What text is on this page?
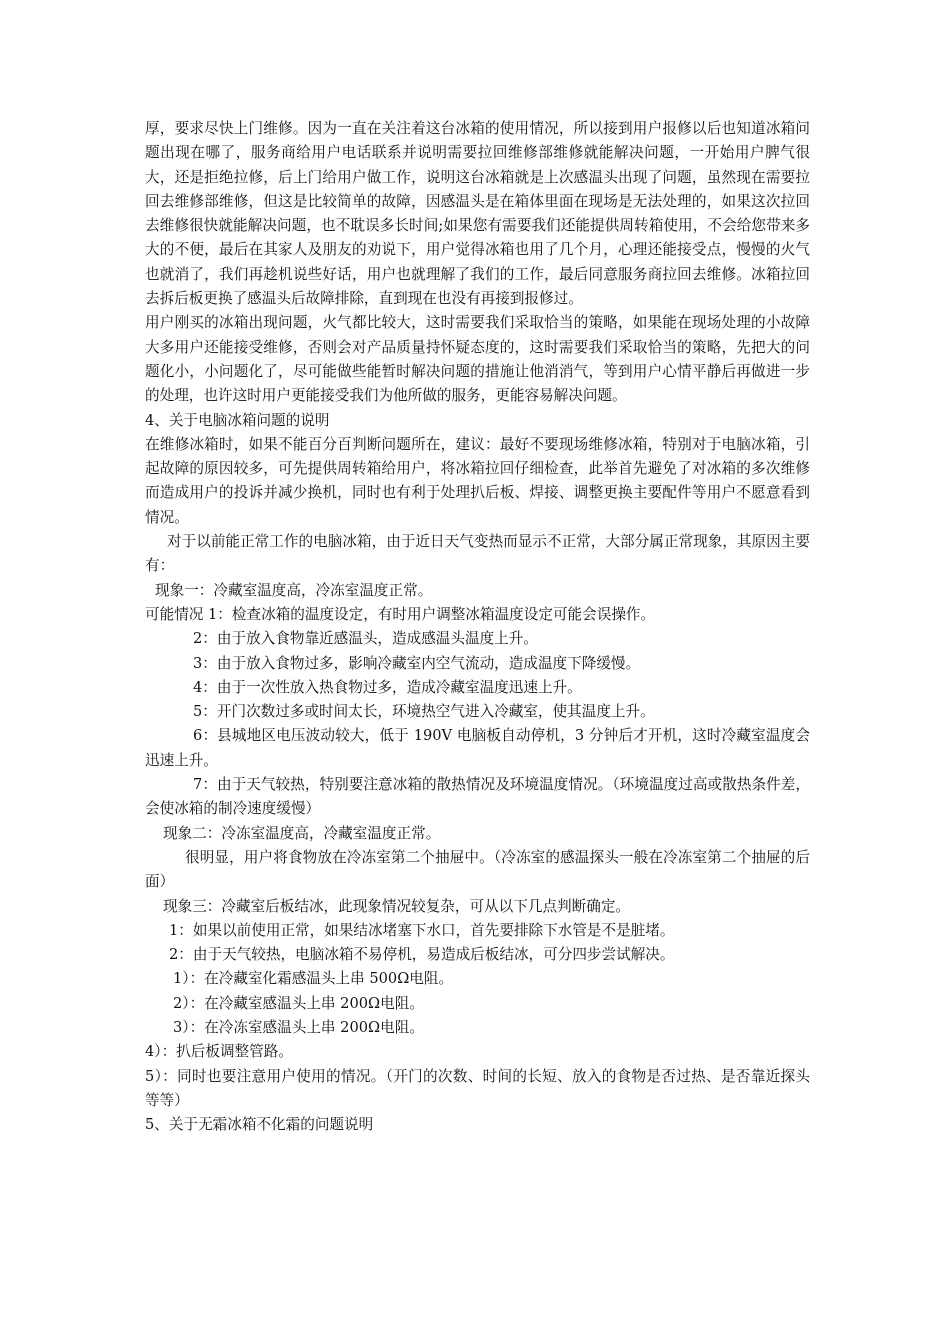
厚，要求尽快上门维修。因为一直在关注着这台冰箱的使用情况，所以接到用户报修以后也知道冰箱问题出现在哪了，服务商给用户电话联系并说明需要拉回维修部维修就能解决问题，一开始用户脾气很大，还是拒绝拉修，后上门给用户做工作，说明这台冰箱就是上次感温头出现了问题，虽然现在需要拉回去维修部维修，但这是比较简单的故障，因感温头是在箱体里面在现场是无法处理的，如果这次拉回去维修很快就能解决问题，也不耽误多长时间;如果您有需要我们还能提供周转箱使用，不会给您带来多大的不便，最后在其家人及朋友的劝说下，用户觉得冰箱也用了几个月，心理还能接受点，慢慢的火气也就消了，我们再趁机说些好话，用户也就理解了我们的工作，最后同意服务商拉回去维修。冰箱拉回去拆后板更换了感温头后故障排除，直到现在也没有再接到报修过。

用户刚买的冰箱出现问题，火气都比较大，这时需要我们采取恰当的策略，如果能在现场处理的小故障大多用户还能接受维修，否则会对产品质量持怀疑态度的，这时需要我们采取恰当的策略，先把大的问题化小，小问题化了，尽可能做些能暂时解决问题的措施让他消消气，等到用户心情平静后再做进一步的处理，也许这时用户更能接受我们为他所做的服务，更能容易解决问题。

4、关于电脑冰箱问题的说明

在维修冰箱时，如果不能百分百判断问题所在，建议：最好不要现场维修冰箱，特别对于电脑冰箱，引起故障的原因较多，可先提供周转箱给用户，将冰箱拉回仔细检查，此举首先避免了对冰箱的多次维修而造成用户的投诉并减少换机，同时也有利于处理扒后板、焊接、调整更换主要配件等用户不愿意看到情况。

对于以前能正常工作的电脑冰箱，由于近日天气变热而显示不正常，大部分属正常现象，其原因主要有：

现象一：冷藏室温度高，冷冻室温度正常。

可能情况 1：检查冰箱的温度设定，有时用户调整冰箱温度设定可能会误操作。

2：由于放入食物靠近感温头，造成感温头温度上升。

3：由于放入食物过多，影响冷藏室内空气流动，造成温度下降缓慢。

4：由于一次性放入热食物过多，造成冷藏室温度迅速上升。

5：开门次数过多或时间太长，环境热空气进入冷藏室，使其温度上升。

6：县城地区电压波动较大，低于 190V 电脑板自动停机，3 分钟后才开机，这时冷藏室温度会迅速上升。

7：由于天气较热，特别要注意冰箱的散热情况及环境温度情况。（环境温度过高或散热条件差，会使冰箱的制冷速度缓慢）

现象二：冷冻室温度高，冷藏室温度正常。

很明显，用户将食物放在冷冻室第二个抽屉中。（冷冻室的感温探头一般在冷冻室第二个抽屉的后面）

现象三：冷藏室后板结冰，此现象情况较复杂，可从以下几点判断确定。

1：如果以前使用正常，如果结冰堵塞下水口，首先要排除下水管是不是脏堵。

2：由于天气较热，电脑冰箱不易停机，易造成后板结冰，可分四步尝试解决。

1）：在冷藏室化霜感温头上串 500Ω电阻。

2）：在冷藏室感温头上串 200Ω电阻。

3）：在冷冻室感温头上串 200Ω电阻。

4）：扒后板调整管路。

5）：同时也要注意用户使用的情况。（开门的次数、时间的长短、放入的食物是否过热、是否靠近探头等等）

5、关于无霜冰箱不化霜的问题说明
